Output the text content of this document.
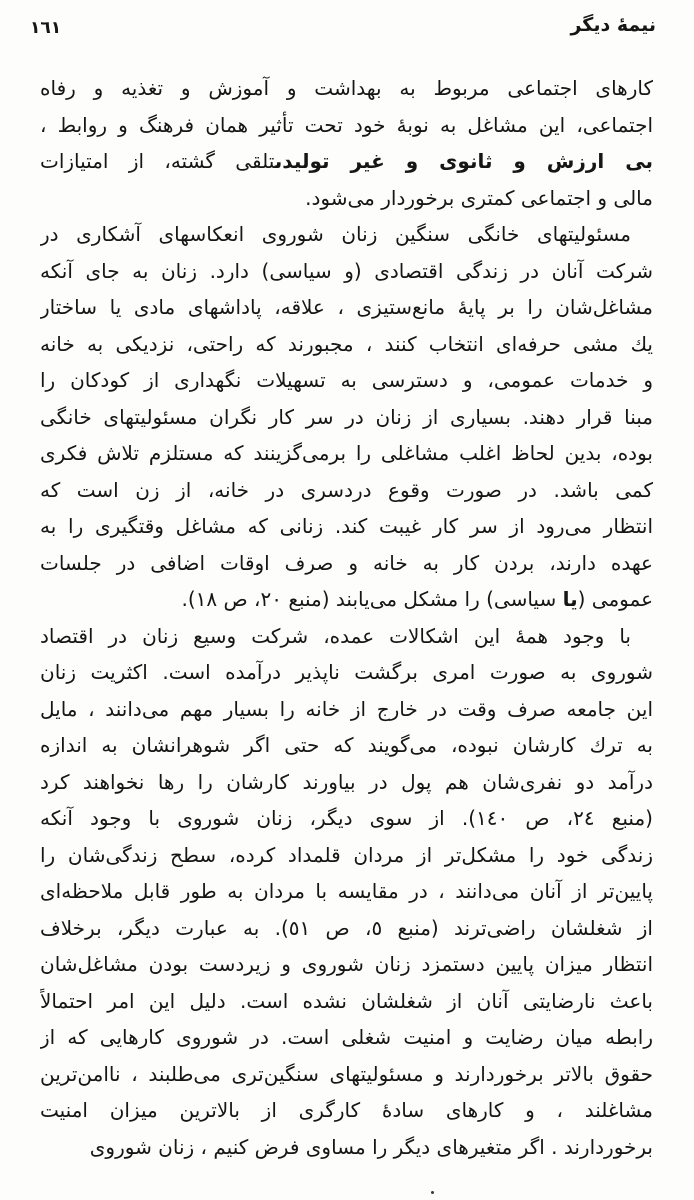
١٦١	نيمهٔ ديگر
كارهاى اجتماعى مربوط به بهداشت و آموزش و تغذيه و رفاه
اجتماعى، اين مشاغل به نوبهٔ خود تحت تأثير همان فرهنگ و روابط ،
بى ارزش و ثانوى و غير توليدىتلقى گشته، از امتيازات
مالى و اجتماعى كمترى برخوردار مى‌شود.
مسئوليتهاى خانگى سنگين زنان شوروى انعكاسهاى آشكارى در
شركت آنان در زندگى اقتصادى (و سياسى) دارد. زنان به جاى آنكه
مشاغل‌شان را بر پايهٔ مانع‌ستيزى ، علاقه، پاداشهاى مادى يا ساختار
يك مشى حرفه‌اى انتخاب كنند ، مجبورند كه راحتى، نزديكى به خانه
و خدمات عمومى، و دسترسى به تسهيلات نگهدارى از كودكان را
مبنا قرار دهند. بسيارى از زنان در سر كار نگران مسئوليتهاى خانگى
بوده، بدين لحاظ اغلب مشاغلى را برمى‌گزينند كه مستلزم تلاش فكرى
كمى باشد. در صورت وقوع دردسرى در خانه، از زن است كه
انتظار مى‌رود از سر كار غيبت كند. زنانى كه مشاغل وقتگيرى را به
عهده دارند، بردن كار به خانه و صرف اوقات اضافى در جلسات
عمومى (يا سياسى) را مشكل مى‌يابند (منبع ٢٠، ص ١٨).
با وجود همهٔ اين اشكالات عمده، شركت وسيع زنان در اقتصاد
شوروى به صورت امرى برگشت ناپذير درآمده است. اكثريت زنان
اين جامعه صرف وقت در خارج از خانه را بسيار مهم مى‌دانند ، مايل
به ترك كارشان نبوده، مى‌گويند كه حتى اگر شوهرانشان به اندازه
درآمد دو نفرى‌شان هم پول در بياورند كارشان را رها نخواهند كرد
(منبع ٢٤، ص ١٤٠). از سوى ديگر، زنان شوروى با وجود آنكه
زندگى خود را مشكل‌تر از مردان قلمداد كرده، سطح زندگى‌شان را
پايين‌تر از آنان مى‌دانند ، در مقايسه با مردان به طور قابل ملاحظه‌اى
از شغلشان راضى‌ترند (منبع ٥، ص ٥١). به عبارت ديگر، برخلاف
انتظار ميزان پايين دستمزد زنان شوروى و زيردست بودن مشاغل‌شان
باعث نارضايتى آنان از شغلشان نشده است. دليل اين امر احتمالاً
رابطه ميان رضايت و امنيت شغلى است. در شوروى كارهايى كه از
حقوق بالاتر برخوردارند و مسئوليتهاى سنگين‌ترى مى‌طلبند ، ناامن‌ترين
مشاغلند ، و كارهاى سادهٔ كارگرى از بالاترين ميزان امنيت
برخوردارند . اگر متغيرهاى ديگر را مساوى فرض كنيم ، زنان شوروى
